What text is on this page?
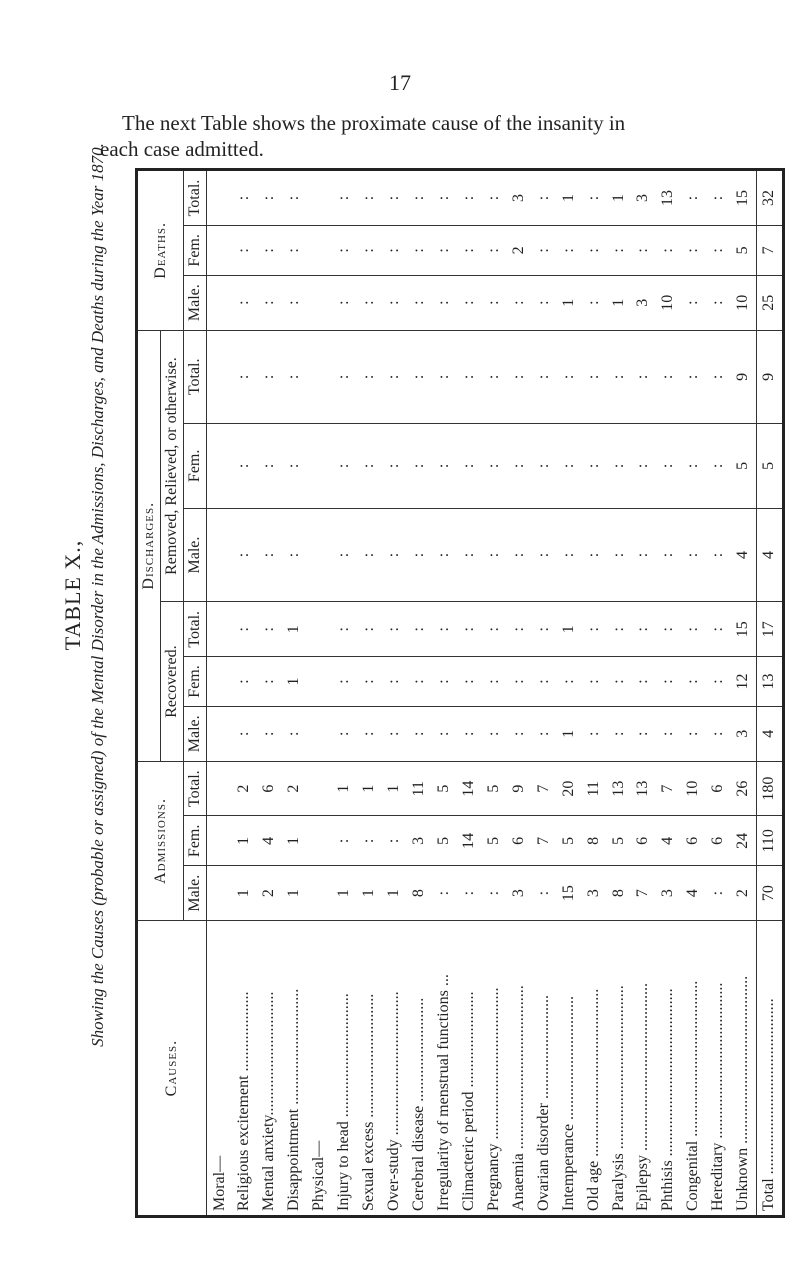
17
The next Table shows the proximate cause of the insanity in
each case admitted.
TABLE X., Showing the Causes (probable or assigned) of the Mental Disorder in the Admissions, Discharges, and Deaths during the Year 1870.
Causes.	Admissions.			Discharges.						Deaths.		
				Recovered.			Removed, Relieved, or otherwise.					
	Male.	Fem.	Total.	Male.	Fem.	Total.	Male.	Fem.	Total.	Male.	Fem.	Total.
Moral—												
Religious excitement ....................	1	1	2	:	:	:	:	:	:	:	:	:
Mental anxiety...............................	2	4	6	:	:	:	:	:	:	:	:	:
Disappointment .............................	1	1	2	:	1	1	:	:	:	:	:	:
Physical—												
Injury to head ...............................	1	:	1	:	:	:	:	:	:	:	:	:
Sexual excess ...............................	1	:	1	:	:	:	:	:	:	:	:	:
Over-study ....................................	1	:	1	:	:	:	:	:	:	:	:	:
Cerebral disease ..........................	8	3	11	:	:	:	:	:	:	:	:	:
Irregularity of menstrual functions ...	:	5	5	:	:	:	:	:	:	:	:	:
Climacteric period ........................	:	14	14	:	:	:	:	:	:	:	:	:
Pregnancy ......................................	:	5	5	:	:	:	:	:	:	:	:	:
Anaemia .........................................	3	6	9	:	:	:	:	:	:	:	2	3
Ovarian disorder ..........................	:	7	7	:	:	:	:	:	:	:	:	:
Intemperance ...............................	15	5	20	1	:	1	:	:	:	1	:	1
Old age ..........................................	3	8	11	:	:	:	:	:	:	:	:	:
Paralysis .........................................	8	5	13	:	:	:	:	:	:	1	:	1
Epilepsy ..........................................	7	6	13	:	:	:	:	:	:	3	:	3
Phthisis ..........................................	3	4	7	:	:	:	:	:	:	10	:	13
Congenital .......................................	4	6	10	:	:	:	:	:	:	:	:	:
Hereditary .......................................	:	6	6	:	:	:	:	:	:	:	:	:
Unknown ..........................................	2	24	26	3	12	15	4	5	9	10	5	15
Total ............................................	70	110	180	4	13	17	4	5	9	25	7	32
